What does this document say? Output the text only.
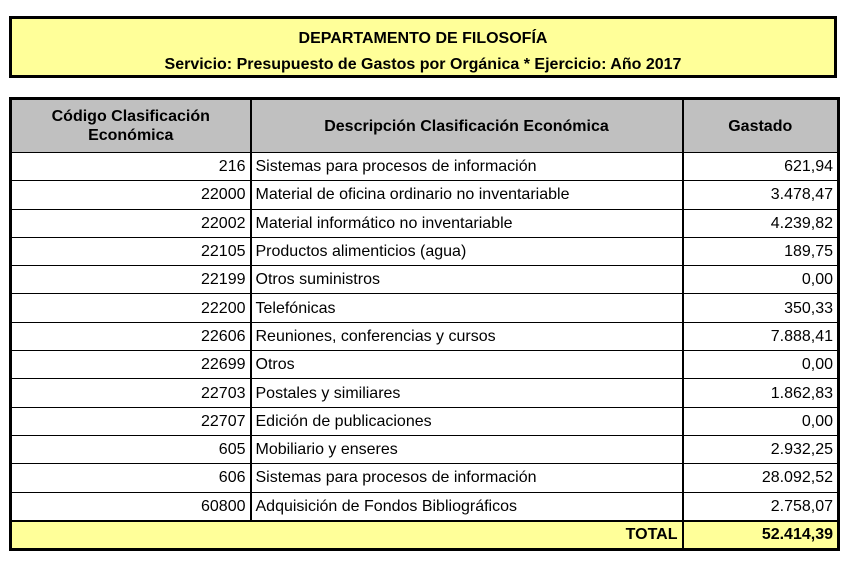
DEPARTAMENTO DE FILOSOFÍA
Servicio: Presupuesto de Gastos por Orgánica * Ejercicio: Año 2017
Código Clasificación Económica	Descripción Clasificación Económica	Gastado
216	Sistemas para procesos de información	621,94
22000	Material de oficina ordinario no inventariable	3.478,47
22002	Material informático no inventariable	4.239,82
22105	Productos alimenticios (agua)	189,75
22199	Otros suministros	0,00
22200	Telefónicas	350,33
22606	Reuniones, conferencias y cursos	7.888,41
22699	Otros	0,00
22703	Postales y similiares	1.862,83
22707	Edición de publicaciones	0,00
605	Mobiliario y enseres	2.932,25
606	Sistemas para procesos de información	28.092,52
60800	Adquisición de Fondos Bibliográficos	2.758,07
TOTAL		52.414,39
